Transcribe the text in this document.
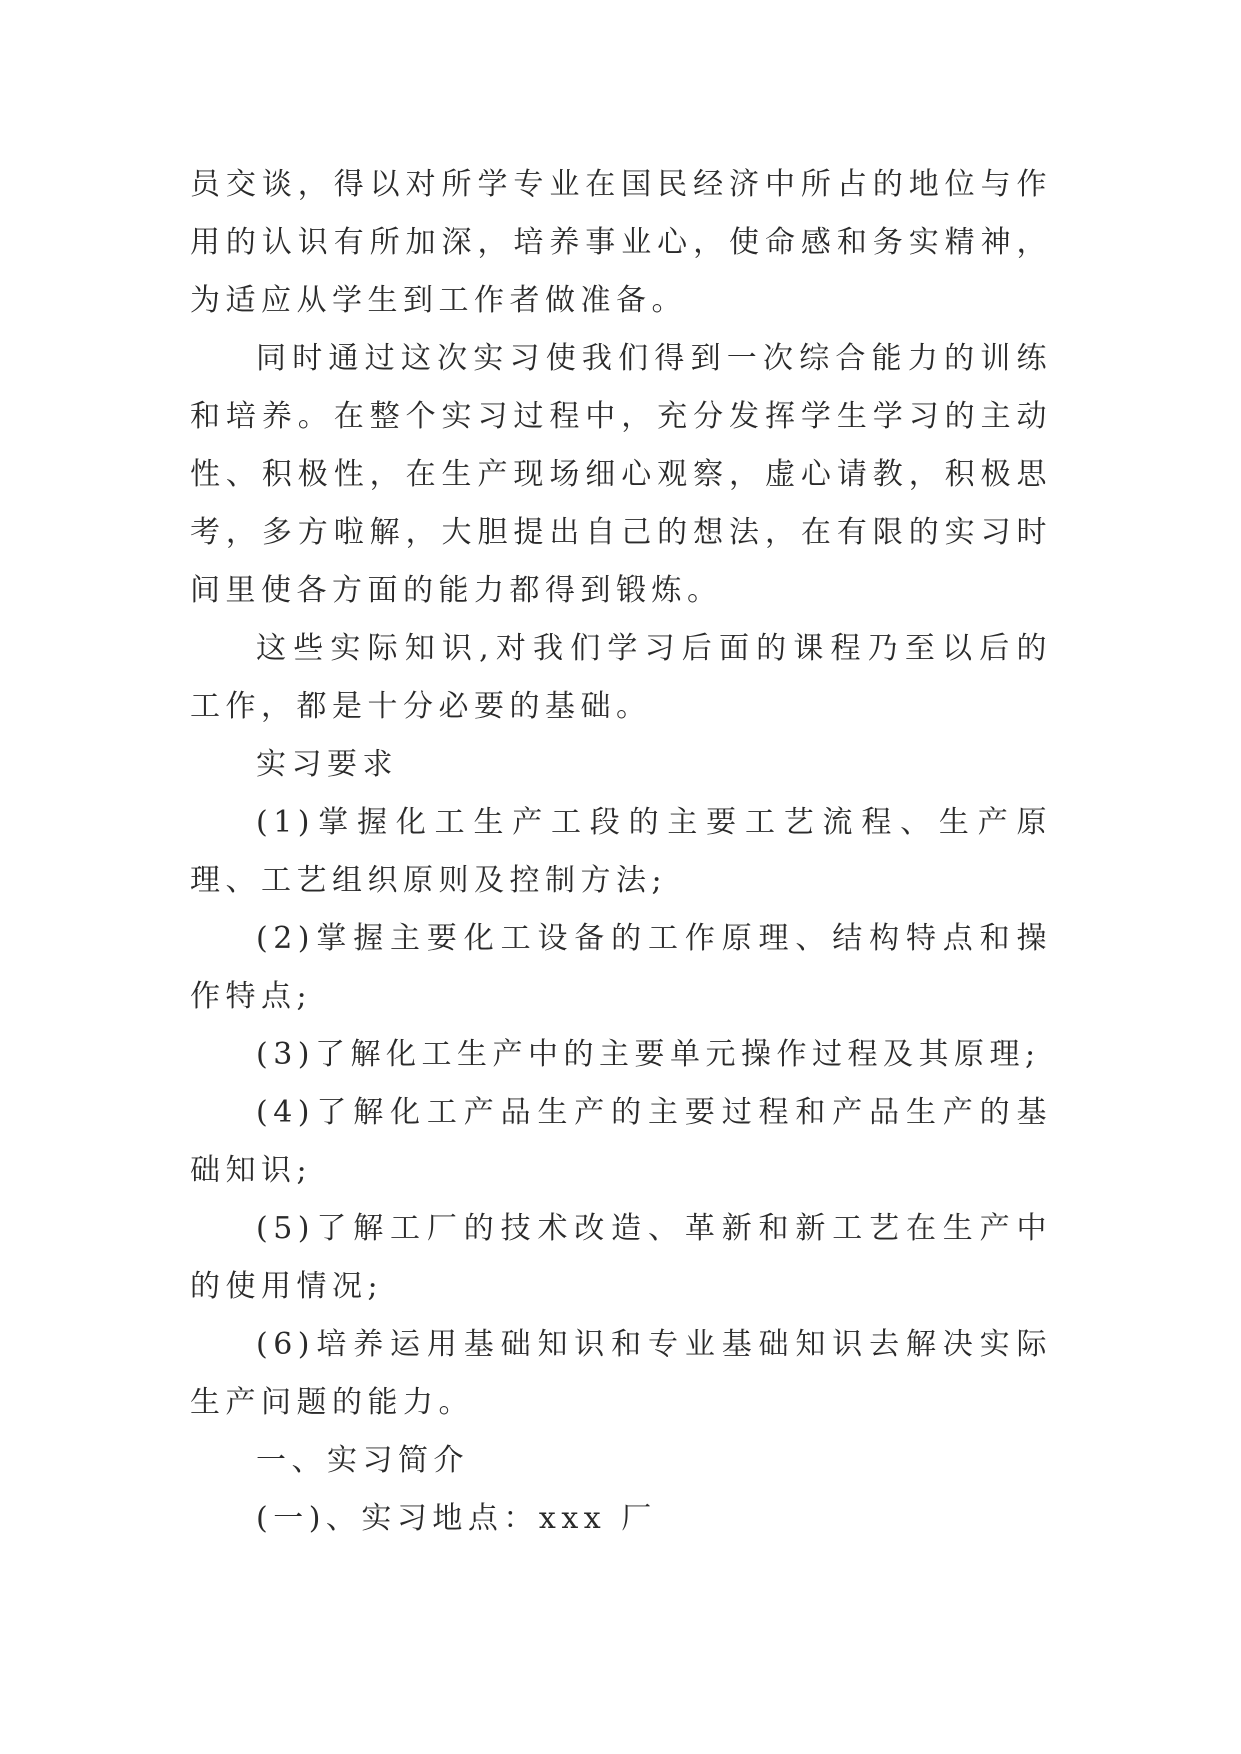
员交谈，得以对所学专业在国民经济中所占的地位与作用的认识有所加深，培养事业心，使命感和务实精神，为适应从学生到工作者做准备。

同时通过这次实习使我们得到一次综合能力的训练和培养。在整个实习过程中，充分发挥学生学习的主动性、积极性，在生产现场细心观察，虚心请教，积极思考，多方啦解，大胆提出自己的想法，在有限的实习时间里使各方面的能力都得到锻炼。

这些实际知识,对我们学习后面的课程乃至以后的工作，都是十分必要的基础。

实习要求

(1)掌握化工生产工段的主要工艺流程、生产原理、工艺组织原则及控制方法;

(2)掌握主要化工设备的工作原理、结构特点和操作特点;

(3)了解化工生产中的主要单元操作过程及其原理;

(4)了解化工产品生产的主要过程和产品生产的基础知识;

(5)了解工厂的技术改造、革新和新工艺在生产中的使用情况;

(6)培养运用基础知识和专业基础知识去解决实际生产问题的能力。

一、实习简介

(一)、实习地点：xxx 厂
